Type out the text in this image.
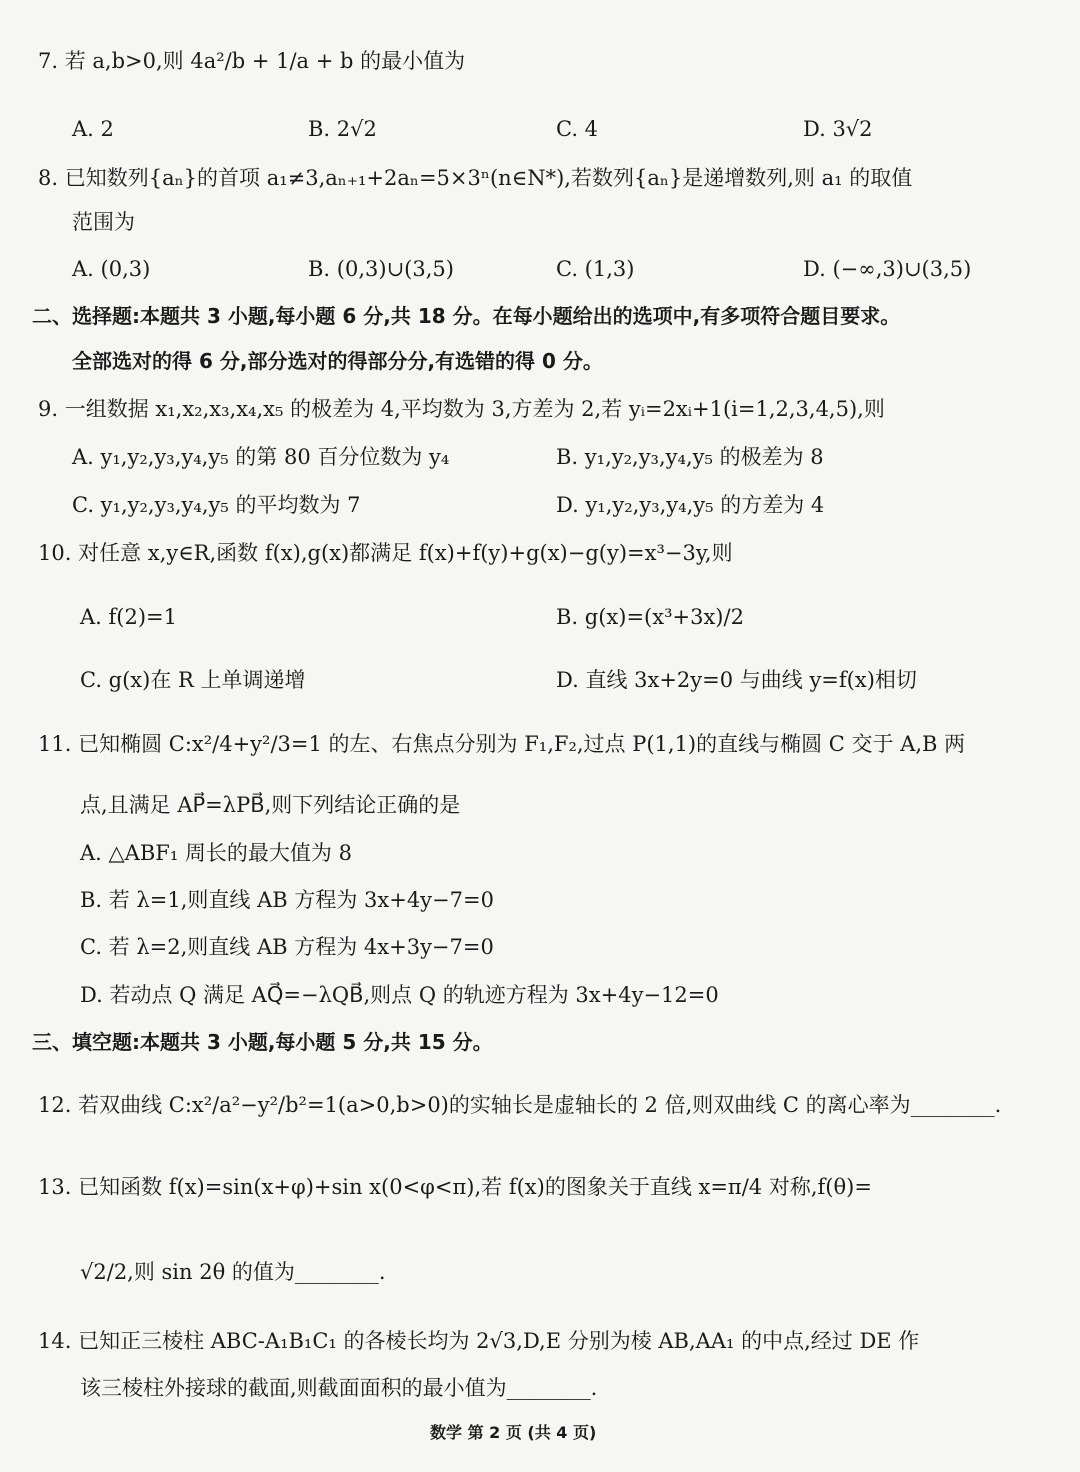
7. 若 a,b>0,则 4a²/b + 1/a + b 的最小值为
A. 2	B. 2√2	C. 4	D. 3√2
8. 已知数列{aₙ}的首项 a₁≠3,aₙ₊₁+2aₙ=5×3ⁿ(n∈N*),若数列{aₙ}是递增数列,则 a₁ 的取值
范围为
A. (0,3)	B. (0,3)∪(3,5)	C. (1,3)	D. (−∞,3)∪(3,5)
二、选择题:本题共 3 小题,每小题 6 分,共 18 分。在每小题给出的选项中,有多项符合题目要求。
全部选对的得 6 分,部分选对的得部分分,有选错的得 0 分。
9. 一组数据 x₁,x₂,x₃,x₄,x₅ 的极差为 4,平均数为 3,方差为 2,若 yᵢ=2xᵢ+1(i=1,2,3,4,5),则
A. y₁,y₂,y₃,y₄,y₅ 的第 80 百分位数为 y₄	B. y₁,y₂,y₃,y₄,y₅ 的极差为 8
C. y₁,y₂,y₃,y₄,y₅ 的平均数为 7	D. y₁,y₂,y₃,y₄,y₅ 的方差为 4
10. 对任意 x,y∈R,函数 f(x),g(x)都满足 f(x)+f(y)+g(x)−g(y)=x³−3y,则
A. f(2)=1	B. g(x)=(x³+3x)/2
C. g(x)在 R 上单调递增	D. 直线 3x+2y=0 与曲线 y=f(x)相切
11. 已知椭圆 C:x²/4+y²/3=1 的左、右焦点分别为 F₁,F₂,过点 P(1,1)的直线与椭圆 C 交于 A,B 两
点,且满足 AP⃗=λPB⃗,则下列结论正确的是
A. △ABF₁ 周长的最大值为 8
B. 若 λ=1,则直线 AB 方程为 3x+4y−7=0
C. 若 λ=2,则直线 AB 方程为 4x+3y−7=0
D. 若动点 Q 满足 AQ⃗=−λQB⃗,则点 Q 的轨迹方程为 3x+4y−12=0
三、填空题:本题共 3 小题,每小题 5 分,共 15 分。
12. 若双曲线 C:x²/a²−y²/b²=1(a>0,b>0)的实轴长是虚轴长的 2 倍,则双曲线 C 的离心率为________.
13. 已知函数 f(x)=sin(x+φ)+sin x(0<φ<π),若 f(x)的图象关于直线 x=π/4 对称,f(θ)=
√2/2,则 sin 2θ 的值为________.
14. 已知正三棱柱 ABC-A₁B₁C₁ 的各棱长均为 2√3,D,E 分别为棱 AB,AA₁ 的中点,经过 DE 作
该三棱柱外接球的截面,则截面面积的最小值为________.
数学 第 2 页 (共 4 页)
